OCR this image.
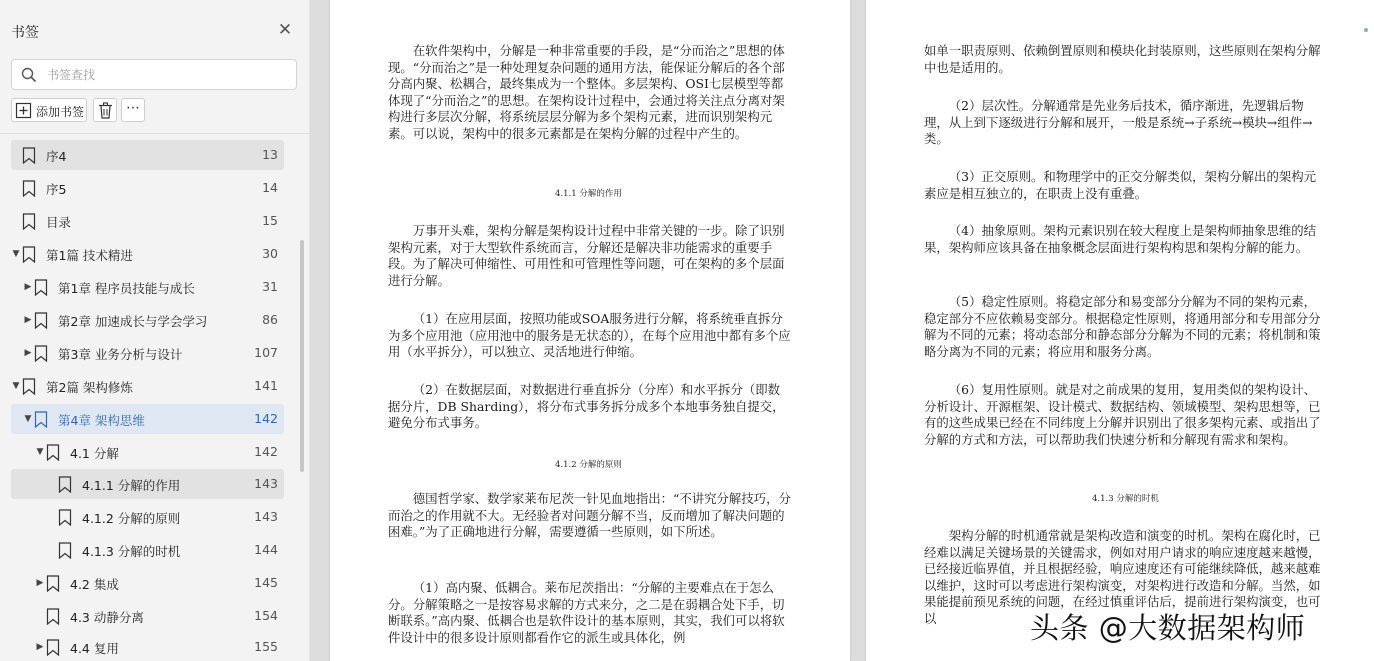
书签	✕
书签查找
添加书签	⋯
序4	13
序5	14
目录	15
▼ 第1篇 技术精进	30
▶ 第1章 程序员技能与成长	31
▶ 第2章 加速成长与学会学习	86
▶ 第3章 业务分析与设计	107
▼ 第2篇 架构修炼	141
▼ 第4章 架构思维	142
▼ 4.1 分解	142
4.1.1 分解的作用	143
4.1.2 分解的原则	143
4.1.3 分解的时机	144
▶ 4.2 集成	145
4.3 动静分离	154
▶ 4.4 复用	155

在软件架构中，分解是一种非常重要的手段，是“分而治之”思想的体现。“分而治之”是一种处理复杂问题的通用方法，能保证分解后的各个部分高内聚、松耦合，最终集成为一个整体。多层架构、OSI七层模型等都体现了“分而治之”的思想。在架构设计过程中，会通过将关注点分离对架构进行多层次分解，将系统层层分解为多个架构元素，进而识别架构元素。可以说，架构中的很多元素都是在架构分解的过程中产生的。

4.1.1 分解的作用

万事开头难，架构分解是架构设计过程中非常关键的一步。除了识别架构元素，对于大型软件系统而言，分解还是解决非功能需求的重要手段。为了解决可伸缩性、可用性和可管理性等问题，可在架构的多个层面进行分解。

（1）在应用层面，按照功能或SOA服务进行分解，将系统垂直拆分为多个应用池（应用池中的服务是无状态的），在每个应用池中都有多个应用（水平拆分），可以独立、灵活地进行伸缩。

（2）在数据层面，对数据进行垂直拆分（分库）和水平拆分（即数据分片，DB Sharding），将分布式事务拆分成多个本地事务独自提交，避免分布式事务。

4.1.2 分解的原则

德国哲学家、数学家莱布尼茨一针见血地指出：“不讲究分解技巧，分而治之的作用就不大。无经验者对问题分解不当，反而增加了解决问题的困难。”为了正确地进行分解，需要遵循一些原则，如下所述。

（1）高内聚、低耦合。莱布尼茨指出：“分解的主要难点在于怎么分。分解策略之一是按容易求解的方式来分，之二是在弱耦合处下手，切断联系。”高内聚、低耦合也是软件设计的基本原则，其实，我们可以将软件设计中的很多设计原则都看作它的派生或具体化，例

如单一职责原则、依赖倒置原则和模块化封装原则，这些原则在架构分解中也是适用的。

（2）层次性。分解通常是先业务后技术，循序渐进，先逻辑后物理，从上到下逐级进行分解和展开，一般是系统→子系统→模块→组件→类。

（3）正交原则。和物理学中的正交分解类似，架构分解出的架构元素应是相互独立的，在职责上没有重叠。

（4）抽象原则。架构元素识别在较大程度上是架构师抽象思维的结果，架构师应该具备在抽象概念层面进行架构构思和架构分解的能力。

（5）稳定性原则。将稳定部分和易变部分分解为不同的架构元素，稳定部分不应依赖易变部分。根据稳定性原则，将通用部分和专用部分分解为不同的元素；将动态部分和静态部分分解为不同的元素；将机制和策略分离为不同的元素；将应用和服务分离。

（6）复用性原则。就是对之前成果的复用，复用类似的架构设计、分析设计、开源框架、设计模式、数据结构、领域模型、架构思想等，已有的这些成果已经在不同纬度上分解并识别出了很多架构元素、或指出了分解的方式和方法，可以帮助我们快速分析和分解现有需求和架构。

4.1.3 分解的时机

架构分解的时机通常就是架构改造和演变的时机。架构在腐化时，已经难以满足关键场景的关键需求，例如对用户请求的响应速度越来越慢，已经接近临界值，并且根据经验，响应速度还有可能继续降低，越来越难以维护，这时可以考虑进行架构演变，对架构进行改造和分解。当然，如果能提前预见系统的问题，在经过慎重评估后，提前进行架构演变，也可以	头条 @大数据架构师
